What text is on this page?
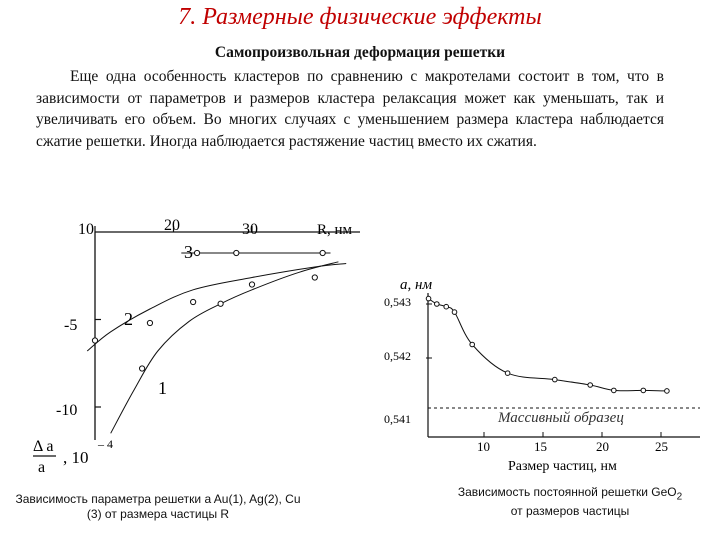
7. Размерные физические эффекты
Самопроизвольная деформация решетки
Еще одна особенность кластеров по сравнению с макротелами состоит в том, что в зависимости от параметров и размеров кластера релаксация может как уменьшать, так и увеличивать его объем. Во многих случаях с уменьшением размера кластера наблюдается сжатие решетки. Иногда наблюдается растяжение частиц вместо их сжатия.
R, нм
10	20	30
-5
-10
1
2
3
Δ a
a
, 10
– 4
a, нм
0,543
0,542
0,541
10	15	20	25
Массивный образец
Размер частиц, нм
Зависимость параметра решетки a Au(1), Ag(2), Cu (3) от размера частицы R
Зависимость постоянной решетки GeO$_2$
от размеров частицы
